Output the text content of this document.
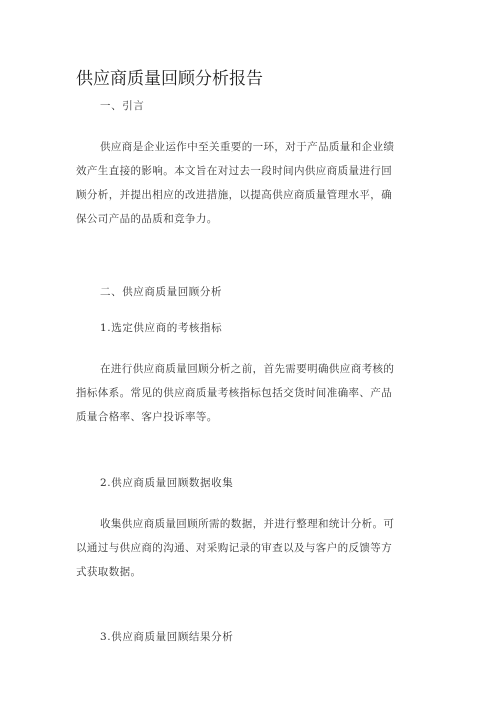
供应商质量回顾分析报告
一、引言
供应商是企业运作中至关重要的一环，对于产品质量和企业绩
效产生直接的影响。本文旨在对过去一段时间内供应商质量进行回
顾分析，并提出相应的改进措施，以提高供应商质量管理水平，确
保公司产品的品质和竞争力。
二、供应商质量回顾分析
1.选定供应商的考核指标
在进行供应商质量回顾分析之前，首先需要明确供应商考核的
指标体系。常见的供应商质量考核指标包括交货时间准确率、产品
质量合格率、客户投诉率等。
2.供应商质量回顾数据收集
收集供应商质量回顾所需的数据，并进行整理和统计分析。可
以通过与供应商的沟通、对采购记录的审查以及与客户的反馈等方
式获取数据。
3.供应商质量回顾结果分析
